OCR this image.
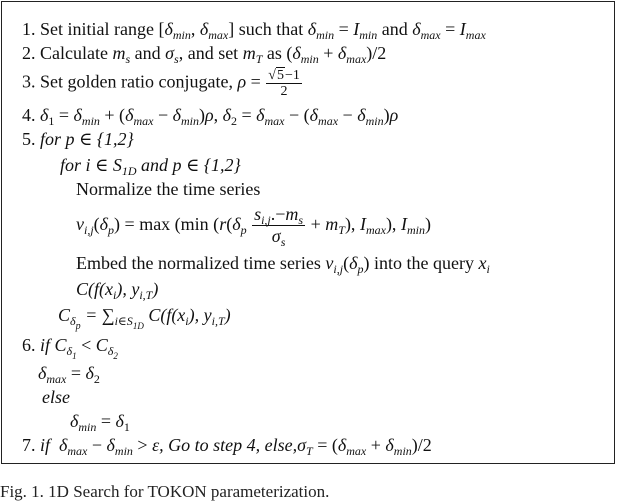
1. Set initial range [$\delta_{min}$, $\delta_{max}$] such that $\delta_{min} = I_{min}$ and $\delta_{max} = I_{max}$
2. Calculate $m_s$ and $\sigma_s$, and set $m_T$ as $(\delta_{min} + \delta_{max})/2$
3. Set golden ratio conjugate, $\rho = \frac{√5-1}{2}$
4. $\delta_1 = \delta_{min} + (\delta_{max} - \delta_{min})\rho$, $\delta_2 = \delta_{max} - (\delta_{max} - \delta_{min})\rho$
5. for p ∈ {1,2}
for i ∈ $S_{1D}$ and p ∈ {1,2}
Normalize the time series
$v_{i,j}(\delta_p) = \max (\min$ ($r(\delta_p \frac{s_{i,j}.-m_s}{\sigma_s} + m_T)$, $I_{max}$), $I_{min}$)
Embed the normalized time series $v_{i,j}(\delta_p)$ into the query $x_i$
$C(f(x_i)$, $y_{i,T}$)
$C_{\delta_p} = \sum_{i\in S_{1D}}$ $C(f(x_i)$, $y_{i,T}$)
6. if $C_{\delta_1} < C_{\delta_2}$
$\delta_{max} = \delta_2$
else
$\delta_{min} = \delta_1$
7. if $\delta_{max} - \delta_{min} > \varepsilon$, Go to step 4, $else,\sigma_T = (\delta_{max} + \delta_{min})/2$
Fig. 1. 1D Search for TOKON parameterization.
